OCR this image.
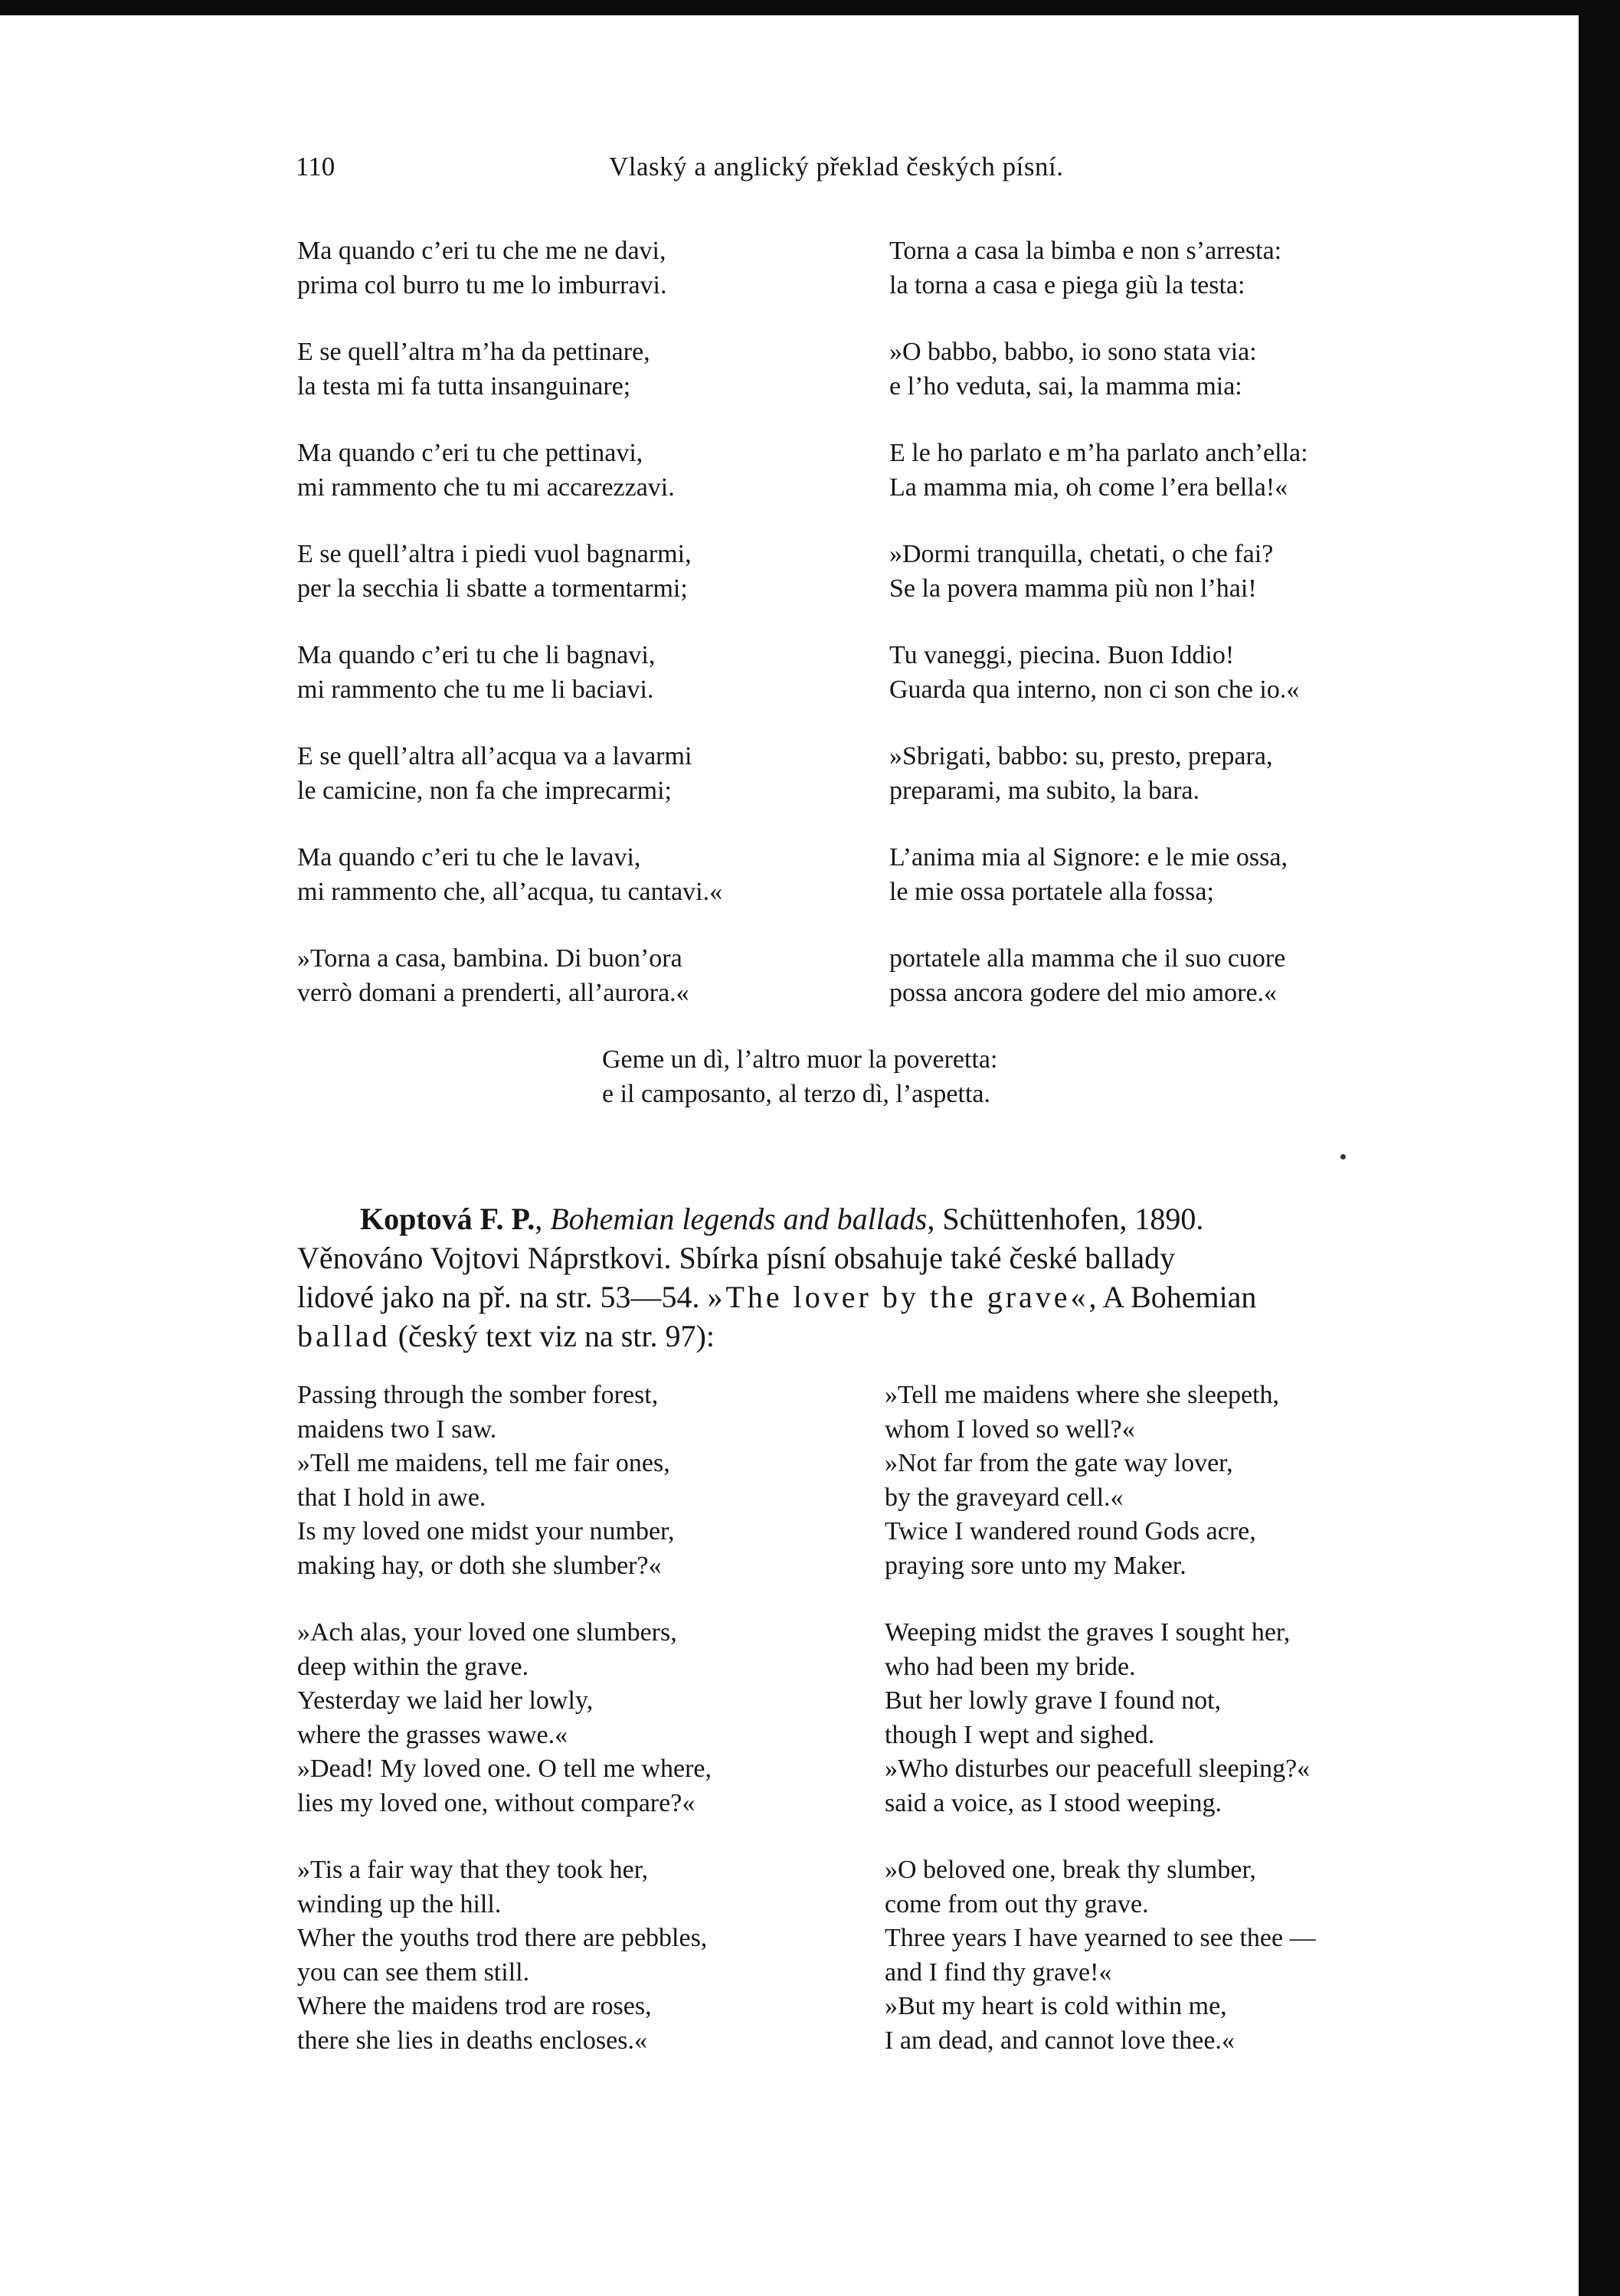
110	Vlaský a anglický překlad českých písní.
Ma quando c’eri tu che me ne davi,
prima col burro tu me lo imburravi.
E se quell’altra m’ha da pettinare,
la testa mi fa tutta insanguinare;
Ma quando c’eri tu che pettinavi,
mi rammento che tu mi accarezzavi.
E se quell’altra i piedi vuol bagnarmi,
per la secchia li sbatte a tormentarmi;
Ma quando c’eri tu che li bagnavi,
mi rammento che tu me li baciavi.
E se quell’altra all’acqua va a lavarmi
le camicine, non fa che imprecarmi;
Ma quando c’eri tu che le lavavi,
mi rammento che, all’acqua, tu cantavi.«
»Torna a casa, bambina. Di buon’ora
verrò domani a prenderti, all’aurora.«
Torna a casa la bimba e non s’arresta:
la torna a casa e piega giù la testa:
»O babbo, babbo, io sono stata via:
e l’ho veduta, sai, la mamma mia:
E le ho parlato e m’ha parlato anch’ella:
La mamma mia, oh come l’era bella!«
»Dormi tranquilla, chetati, o che fai?
Se la povera mamma più non l’hai!
Tu vaneggi, piecina. Buon Iddio!
Guarda qua interno, non ci son che io.«
»Sbrigati, babbo: su, presto, prepara,
preparami, ma subito, la bara.
L’anima mia al Signore: e le mie ossa,
le mie ossa portatele alla fossa;
portatele alla mamma che il suo cuore
possa ancora godere del mio amore.«
Geme un dì, l’altro muor la poveretta:
e il camposanto, al terzo dì, l’aspetta.
Koptová F. P., Bohemian legends and ballads, Schüttenhofen, 1890.
Věnováno Vojtovi Náprstkovi. Sbírka písní obsahuje také české ballady
lidové jako na př. na str. 53—54. »The lover by the grave«, A Bohemian
ballad (český text viz na str. 97):
Passing through the somber forest,
maidens two I saw.
»Tell me maidens, tell me fair ones,
that I hold in awe.
Is my loved one midst your number,
making hay, or doth she slumber?«
»Ach alas, your loved one slumbers,
deep within the grave.
Yesterday we laid her lowly,
where the grasses wawe.«
»Dead! My loved one. O tell me where,
lies my loved one, without compare?«
»Tis a fair way that they took her,
winding up the hill.
Wher the youths trod there are pebbles,
you can see them still.
Where the maidens trod are roses,
there she lies in deaths encloses.«
»Tell me maidens where she sleepeth,
whom I loved so well?«
»Not far from the gate way lover,
by the graveyard cell.«
Twice I wandered round Gods acre,
praying sore unto my Maker.
Weeping midst the graves I sought her,
who had been my bride.
But her lowly grave I found not,
though I wept and sighed.
»Who disturbes our peacefull sleeping?«
said a voice, as I stood weeping.
»O beloved one, break thy slumber,
come from out thy grave.
Three years I have yearned to see thee —
and I find thy grave!«
»But my heart is cold within me,
I am dead, and cannot love thee.«
